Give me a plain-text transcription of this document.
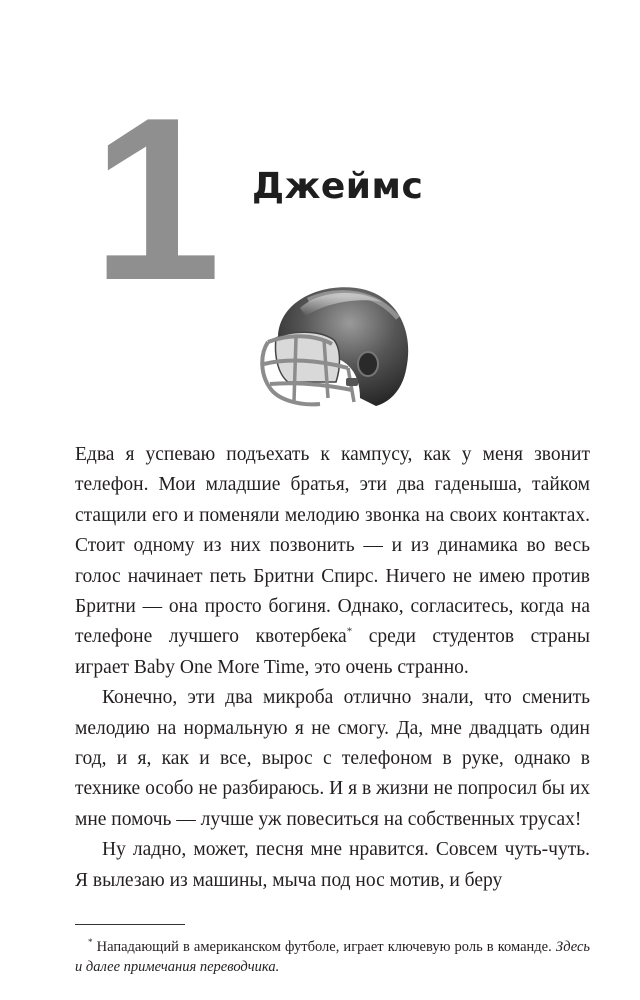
1 Джеймс

Едва я успеваю подъехать к кампусу, как у меня звонит телефон. Мои младшие братья, эти два гаденыша, тайком стащили его и поменяли мелодию звонка на своих контактах. Стоит одному из них позвонить — и из динамика во весь голос начинает петь Бритни Спирс. Ничего не имею против Бритни — она просто богиня. Однако, согласитесь, когда на телефоне лучшего квотербека* среди студентов страны играет Baby One More Time, это очень странно.

Конечно, эти два микроба отлично знали, что сменить мелодию на нормальную я не смогу. Да, мне двадцать один год, и я, как и все, вырос с телефоном в руке, однако в технике особо не разбираюсь. И я в жизни не попросил бы их мне помочь — лучше уж повеситься на собственных трусах!

Ну ладно, может, песня мне нравится. Совсем чуть-чуть. Я вылезаю из машины, мыча под нос мотив, и беру

* Нападающий в американском футболе, играет ключевую роль в команде. Здесь и далее примечания переводчика.
